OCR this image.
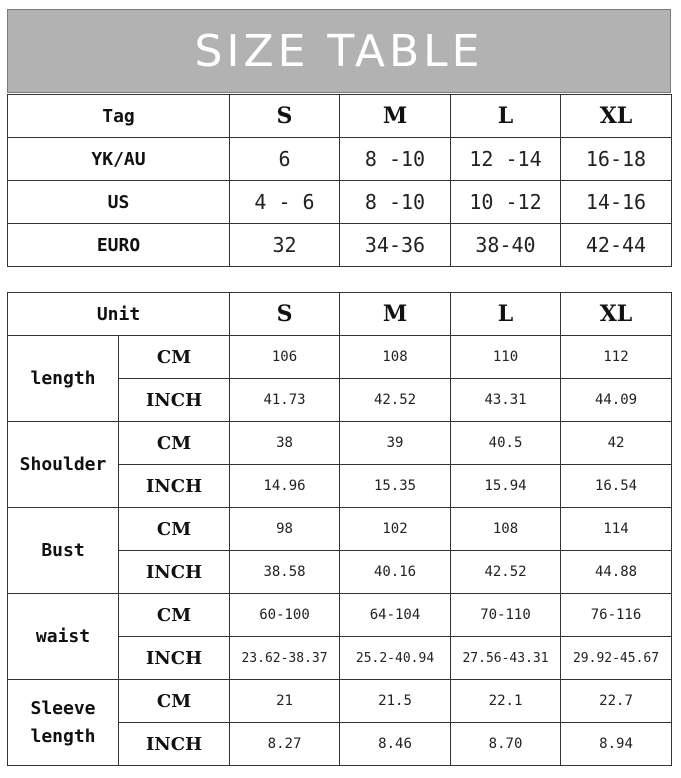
SIZE TABLE
Tag	S	M	L	XL
YK/AU	6	8 -10	12 -14	16-18
US	4 - 6	8 -10	10 -12	14-16
EURO	32	34-36	38-40	42-44
Unit		S	M	L	XL
length	CM	106	108	110	112
	INCH	41.73	42.52	43.31	44.09
Shoulder	CM	38	39	40.5	42
	INCH	14.96	15.35	15.94	16.54
Bust	CM	98	102	108	114
	INCH	38.58	40.16	42.52	44.88
waist	CM	60-100	64-104	70-110	76-116
	INCH	23.62-38.37	25.2-40.94	27.56-43.31	29.92-45.67
Sleeve length	CM	21	21.5	22.1	22.7
	INCH	8.27	8.46	8.70	8.94
